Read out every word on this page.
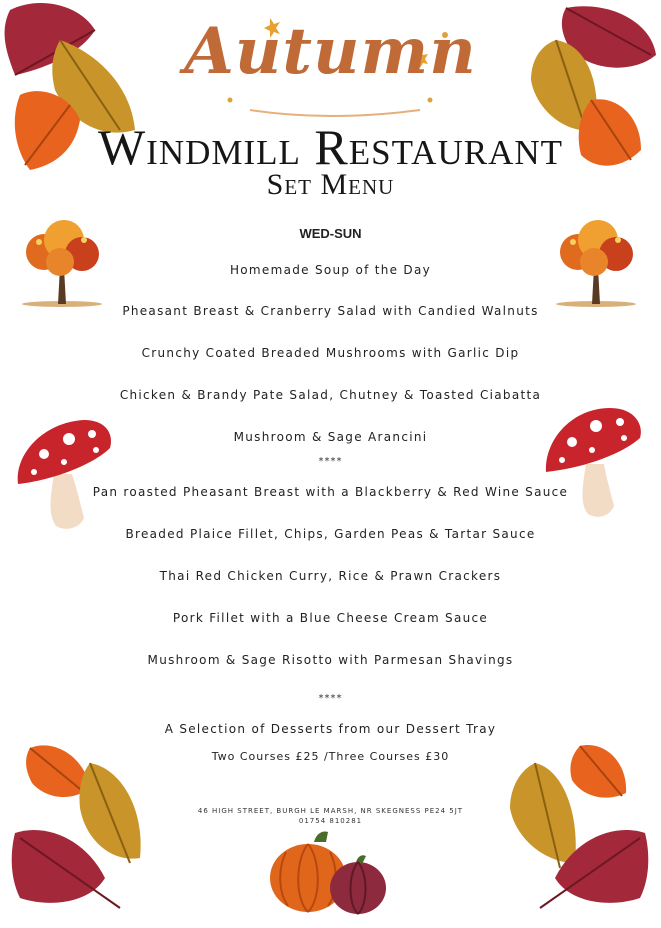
Autumn
Windmill Restaurant
Set Menu
WED-SUN
Homemade Soup of the Day
Pheasant Breast & Cranberry Salad with Candied Walnuts
Crunchy Coated Breaded Mushrooms with Garlic Dip
Chicken & Brandy Pate Salad, Chutney & Toasted Ciabatta
Mushroom & Sage Arancini
****
Pan roasted Pheasant Breast with a Blackberry & Red Wine Sauce
Breaded Plaice Fillet, Chips, Garden Peas & Tartar Sauce
Thai Red Chicken Curry, Rice & Prawn Crackers
Pork Fillet with a Blue Cheese Cream Sauce
Mushroom & Sage Risotto with Parmesan Shavings
****
A Selection of Desserts from our Dessert Tray
Two Courses £25 /Three Courses £30
46 HIGH STREET, BURGH LE MARSH, NR SKEGNESS PE24 5JT
01754 810281
